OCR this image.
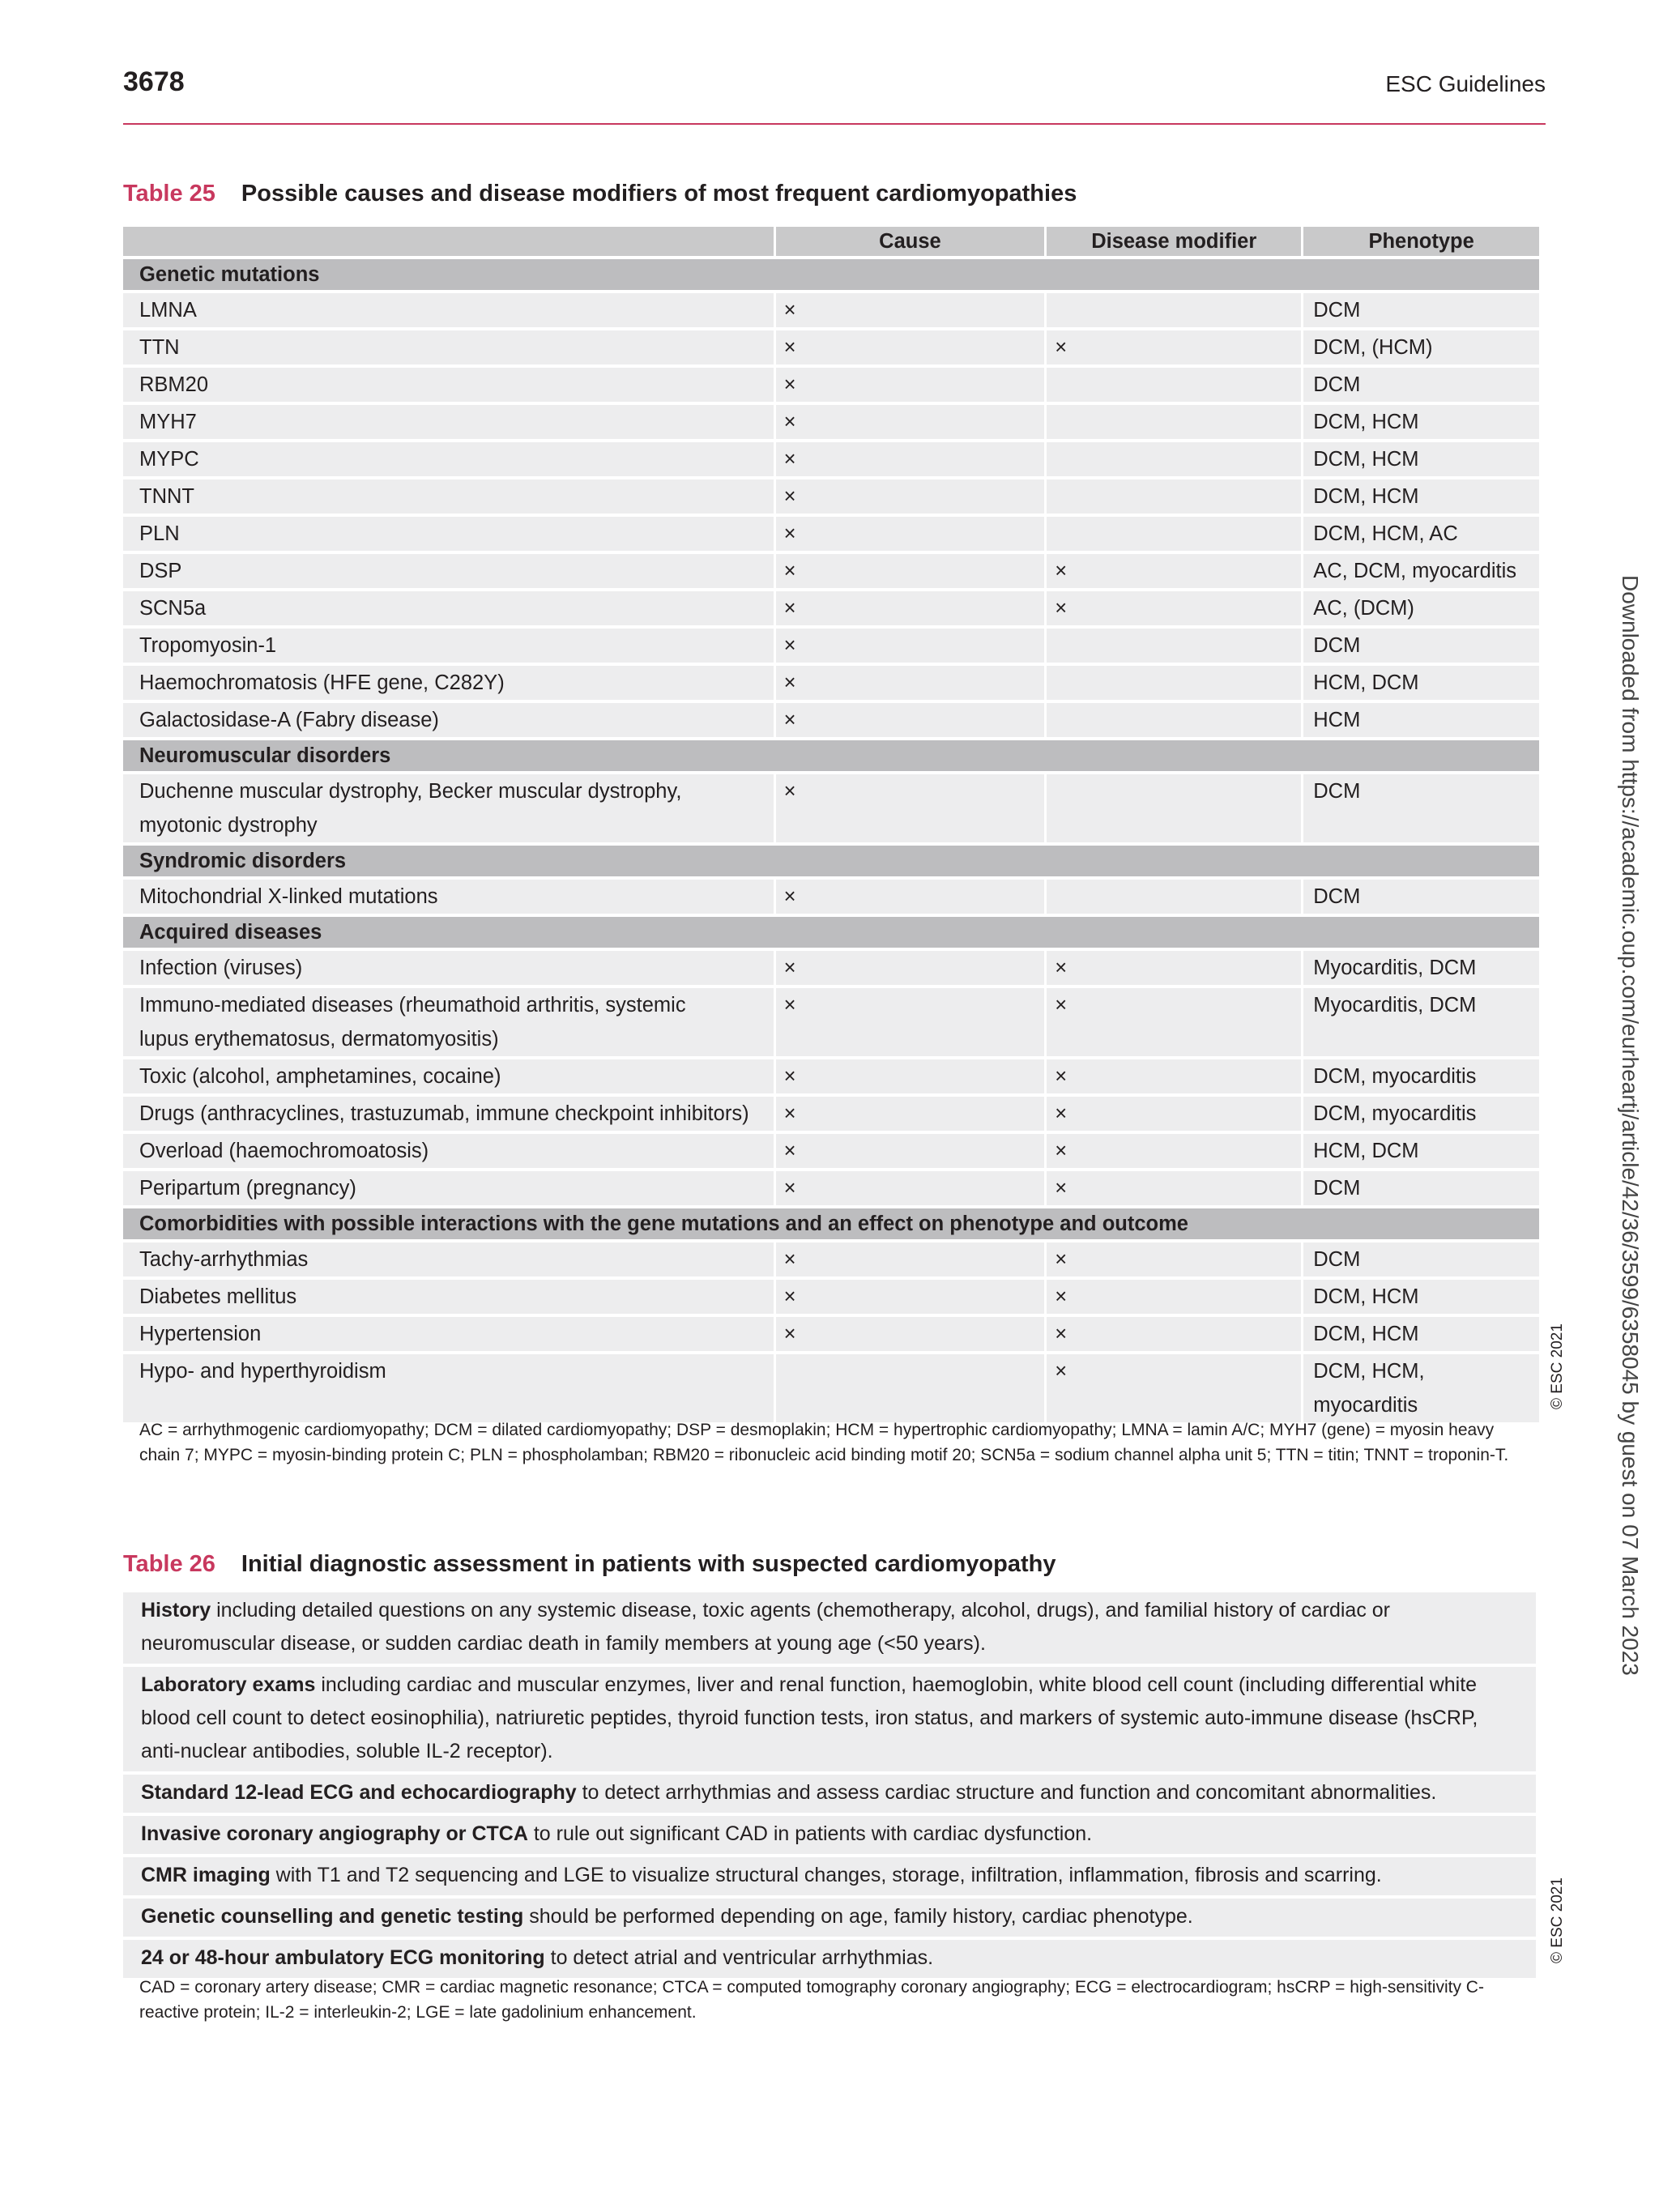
3678	ESC Guidelines
Table 25 Possible causes and disease modifiers of most frequent cardiomyopathies
	Cause	Disease modifier	Phenotype
Genetic mutations			

LMNA	×		DCM

TTN	×	×	DCM, (HCM)

RBM20	×		DCM

MYH7	×		DCM, HCM

MYPC	×		DCM, HCM

TNNT	×		DCM, HCM

PLN	×		DCM, HCM, AC

DSP	×	×	AC, DCM, myocarditis

SCN5a	×	×	AC, (DCM)

Tropomyosin-1	×		DCM

Haemochromatosis (HFE gene, C282Y)	×		HCM, DCM

Galactosidase-A (Fabry disease)	×		HCM
Neuromuscular disorders			

Duchenne muscular dystrophy, Becker muscular dystrophy,
myotonic dystrophy	×		DCM
Syndromic disorders			

Mitochondrial X-linked mutations	×		DCM
Acquired diseases			

Infection (viruses)	×	×	Myocarditis, DCM

Immuno-mediated diseases (rheumathoid arthritis, systemic
lupus erythematosus, dermatomyositis)	×	×	Myocarditis, DCM

Toxic (alcohol, amphetamines, cocaine)	×	×	DCM, myocarditis

Drugs (anthracyclines, trastuzumab, immune checkpoint inhibitors)	×	×	DCM, myocarditis

Overload (haemochromoatosis)	×	×	HCM, DCM

Peripartum (pregnancy)	×	×	DCM
Comorbidities with possible interactions with the gene mutations and an effect on phenotype and outcome			

Tachy-arrhythmias	×	×	DCM

Diabetes mellitus	×	×	DCM, HCM

Hypertension	×	×	DCM, HCM

Hypo- and hyperthyroidism		×	DCM, HCM, myocarditis
AC = arrhythmogenic cardiomyopathy; DCM = dilated cardiomyopathy; DSP = desmoplakin; HCM = hypertrophic cardiomyopathy; LMNA = lamin A/C; MYH7 (gene) = myosin heavy chain 7; MYPC = myosin-binding protein C; PLN = phospholamban; RBM20 = ribonucleic acid binding motif 20; SCN5a = sodium channel alpha unit 5; TTN = titin; TNNT = troponin-T.
© ESC 2021
Table 26 Initial diagnostic assessment in patients with suspected cardiomyopathy
History including detailed questions on any systemic disease, toxic agents (chemotherapy, alcohol, drugs), and familial history of cardiac or neuromuscular disease, or sudden cardiac death in family members at young age (<50 years).
Laboratory exams including cardiac and muscular enzymes, liver and renal function, haemoglobin, white blood cell count (including differential white blood cell count to detect eosinophilia), natriuretic peptides, thyroid function tests, iron status, and markers of systemic auto-immune disease (hsCRP, anti-nuclear antibodies, soluble IL-2 receptor).
Standard 12-lead ECG and echocardiography to detect arrhythmias and assess cardiac structure and function and concomitant abnormalities.
Invasive coronary angiography or CTCA to rule out significant CAD in patients with cardiac dysfunction.
CMR imaging with T1 and T2 sequencing and LGE to visualize structural changes, storage, infiltration, inflammation, fibrosis and scarring.
Genetic counselling and genetic testing should be performed depending on age, family history, cardiac phenotype.
24 or 48-hour ambulatory ECG monitoring to detect atrial and ventricular arrhythmias.
CAD = coronary artery disease; CMR = cardiac magnetic resonance; CTCA = computed tomography coronary angiography; ECG = electrocardiogram; hsCRP = high-sensitivity C-reactive protein; IL-2 = interleukin-2; LGE = late gadolinium enhancement.
© ESC 2021
Downloaded from https://academic.oup.com/eurheartj/article/42/36/3599/6358045 by guest on 07 March 2023
